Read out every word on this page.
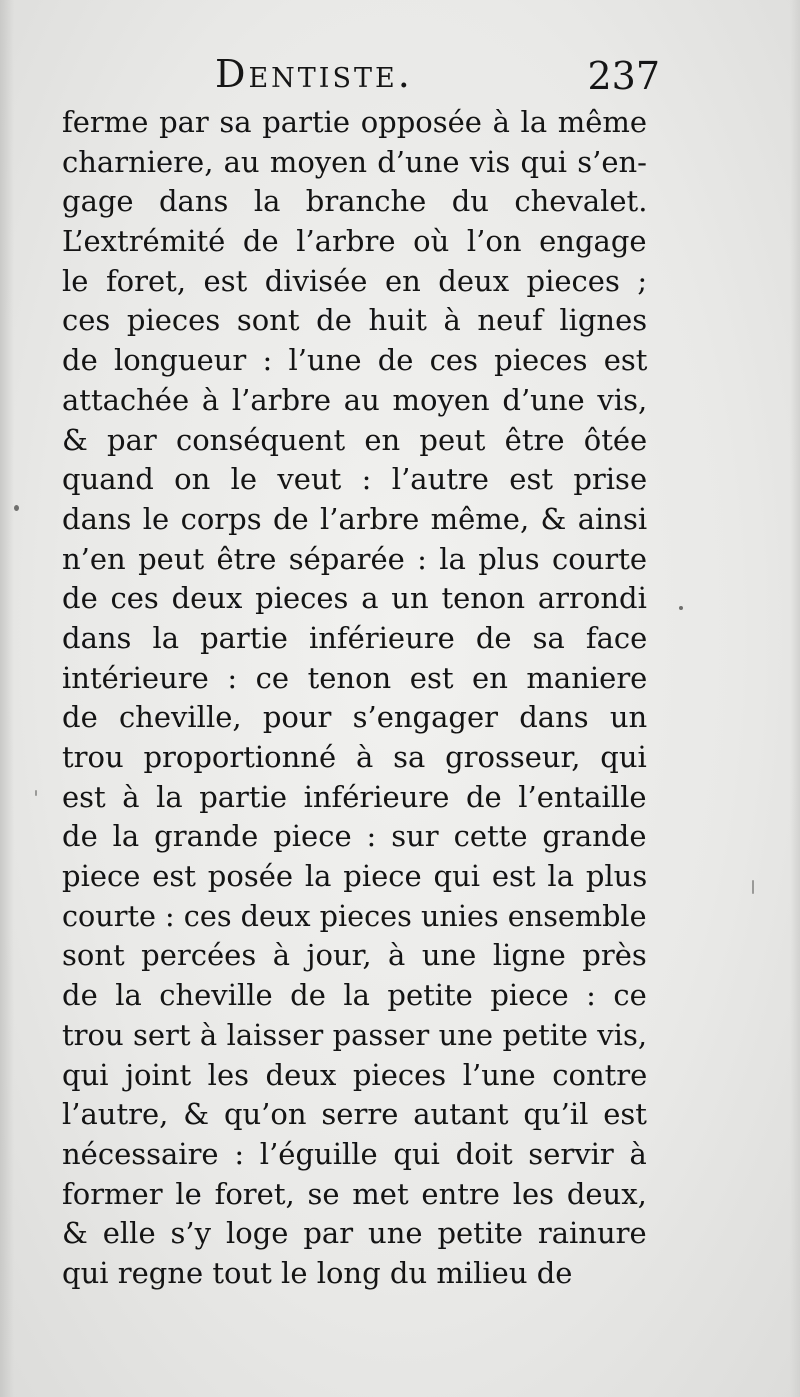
Dentiste.	237
ferme par sa partie opposée à la même
charniere, au moyen d’une vis qui s’en-
gage dans la branche du chevalet.
L’extrémité de l’arbre où l’on engage
le foret, est divisée en deux pieces ;
ces pieces sont de huit à neuf lignes
de longueur : l’une de ces pieces est
attachée à l’arbre au moyen d’une vis,
& par conséquent en peut être ôtée
quand on le veut : l’autre est prise
dans le corps de l’arbre même, & ainsi
n’en peut être séparée : la plus courte
de ces deux pieces a un tenon arrondi
dans la partie inférieure de sa face
intérieure : ce tenon est en maniere
de cheville, pour s’engager dans un
trou proportionné à sa grosseur, qui
est à la partie inférieure de l’entaille
de la grande piece : sur cette grande
piece est posée la piece qui est la plus
courte : ces deux pieces unies ensemble
sont percées à jour, à une ligne près
de la cheville de la petite piece : ce
trou sert à laisser passer une petite vis,
qui joint les deux pieces l’une contre
l’autre, & qu’on serre autant qu’il est
nécessaire : l’éguille qui doit servir à
former le foret, se met entre les deux,
& elle s’y loge par une petite rainure
qui regne tout le long du milieu de
